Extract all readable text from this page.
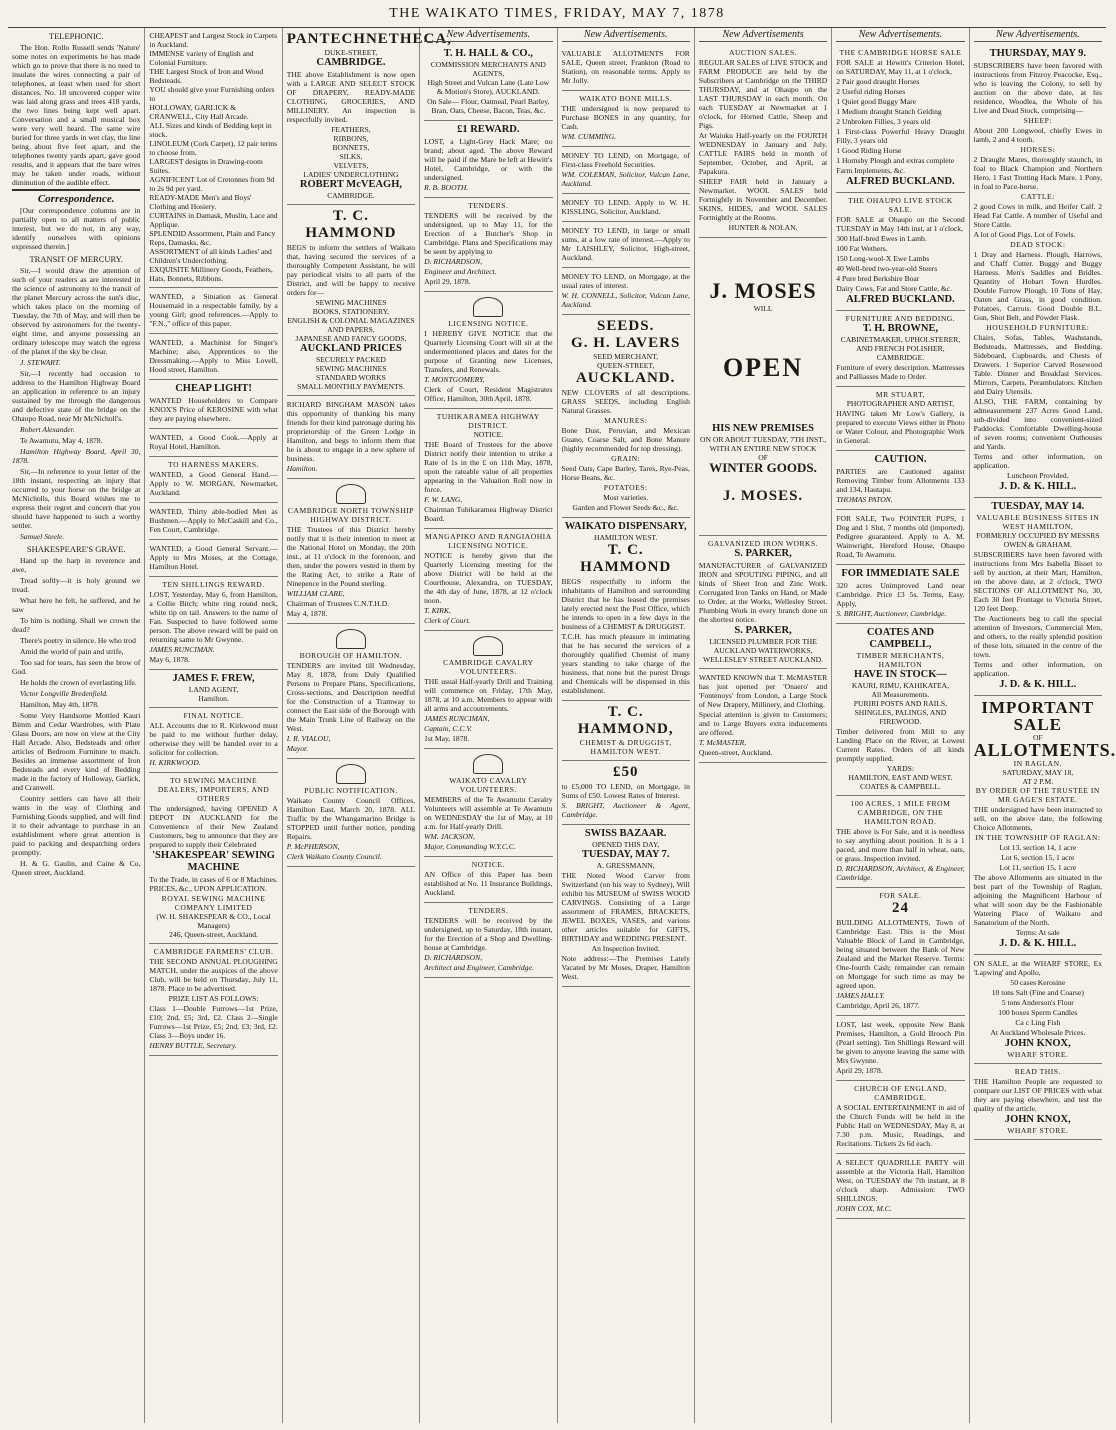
THE WAIKATO TIMES, FRIDAY, MAY 7, 1878

TELEPHONIC.

The Hon. Rollo Russell sends 'Nature' some notes on experiments he has made which go to prove that there is no need to insulate the wires connecting a pair of telephones, at least when used for short distances. No. 18 uncovered copper wire was laid along grass and trees 418 yards, the two lines being kept well apart. Conversation and a small musical box were very well heard. The same wire buried for three yards in wet clay, the line being about five feet apart, and the telephones twenty yards apart, gave good results, and it appears that the bare wires may be taken under roads, without diminution of the audible effect.

Correspondence.

[Our correspondence columns are in partially open to all matters of public interest, but we do not, in any way, identify ourselves with opinions expressed therein.]

TRANSIT OF MERCURY.

Sir,—I would draw the attention of such of your readers as are interested in the science of astronomy to the transit of the planet Mercury across the sun's disc, which takes place on the morning of Tuesday, the 7th of May, and will then be observed by astronomers for the twenty-eight time, and anyone possessing an ordinary telescope may watch the egress of the planet if the sky be clear.

J. STEWART.

Sir,—I recently had occasion to address to the Hamilton Highway Board an application in reference to an injury sustained by me through the dangerous and defective state of the bridge on the Ohaupo Road, near Mr McNicholl's.

Robert Alexander.

Te Awamutu, May 4, 1878.

Hamilton Highway Board, April 30, 1878.

Sir,—In reference to your letter of the 18th instant, respecting an injury that occurred to your horse on the bridge at McNicholls, this Board wishes me to express their regret and concern that you should have happened to such a worthy settler.

Samuel Steele.

SHAKESPEARE'S GRAVE.

Hand up the harp in reverence and awe,

Tread softly—it is holy ground we tread.

What here he felt, he suffered, and he saw

To him is nothing. Shall we crown the dead?

There's poetry in silence. He who trod

Amid the world of pain and strife,

Too sad for tears, has seen the brow of God.

He holds the crown of everlasting life.

Victor Longville Bredenfield.

Hamilton, May 4th, 1878.

Some Very Handsome Mottled Kauri Bimm and Cedar Wardrobes, with Plate Glass Doors, are now on view at the City Hall Arcade. Also, Bedsteads and other articles of Bedroom Furniture to match. Besides an immense assortment of Iron Bedsteads and every kind of Bedding made in the factory of Holloway, Garlick, and Cranwell.

Country settlers can have all their wants in the way of Clothing and Furnishing Goods supplied, and will find it to their advantage to purchase in an establishment where great attention is paid to packing and despatching orders promptly.

H. & G. Gaulin, and Caine & Co, Queen street, Auckland.

CHEAPEST and Largest Stock in Carpets in Auckland.

IMMENSE variety of English and Colonial Furniture.

THE Largest Stock of Iron and Wood Bedsteads.

YOU should give your Furnishing orders to

HOLLOWAY, GARLICK & CRANWELL, City Hall Arcade.

ALL Sizes and kinds of Bedding kept in stock.

LINOLEUM (Cork Carpet), 12 pair terms to choose from.

LARGEST designs in Drawing-room Suites.

AGNIFICENT Lot of Cretonnes from 9d to 2s 9d per yard.

READY-MADE Men's and Boys' Clothing and Hosiery.

CURTAINS in Damask, Muslin, Lace and Applique.

SPLENDID Assortment, Plain and Fancy Reps, Damasks, &c.

ASSORTMENT of all kinds Ladies' and Children's Underclothing.

EXQUISITE Millinery Goods, Feathers, Hats, Bonnets, Ribbons.

WANTED, a Situation as General Housemaid in a respectable family, by a young Girl; good references.—Apply to "F.N.," office of this paper.

WANTED, a Machinist for Singer's Machine; also, Apprentices to the Dressmaking.—Apply to Miss Lovell, Hood street, Hamilton.

CHEAP LIGHT!

WANTED Householders to Compare KNOX'S Price of KEROSINE with what they are paying elsewhere.

WANTED, a Good Cook.—Apply at Royal Hotel, Hamilton.

TO HARNESS MAKERS.

WANTED, a Good General Hand.—Apply to W. MORGAN, Newmarket, Auckland.

WANTED, Thirty able-bodied Men as Bushmen.—Apply to McCaskill and Co., Fen Court, Cambridge.

WANTED, a Good General Servant.—Apply to Mrs Moses, at the Cottage, Hamilton Hotel.

TEN SHILLINGS REWARD.

LOST, Yesterday, May 6, from Hamilton, a Collie Bitch; white ring round neck, white tip on tail. Answers to the name of Fan. Suspected to have followed some person. The above reward will be paid on returning same to Mr Gwynne.

JAMES RUNCIMAN.

May 6, 1878.

JAMES F. FREW,
LAND AGENT,
Hamilton.
FINAL NOTICE.

ALL Accounts due to R. Kirkwood must be paid to me without further delay, otherwise they will be handed over to a solicitor for collection.

H. KIRKWOOD.

TO SEWING MACHINE DEALERS, IMPORTERS, AND OTHERS

The undersigned, having OPENED A DEPOT IN AUCKLAND for the Convenience of their New Zealand Customers, beg to announce that they are prepared to supply their Celebrated

'SHAKESPEAR' SEWING MACHINE

To the Trade, in cases of 6 or 8 Machines. PRICES, &c., UPON APPLICATION.

ROYAL SEWING MACHINE COMPANY LIMITED
(W. H. SHAKESPEAR & CO., Local Managers)
246, Queen-street, Auckland.
CAMBRIDGE FARMERS' CLUB.

THE SECOND ANNUAL PLOUGHING MATCH, under the auspices of the above Club, will be held on Thursday, July 11, 1878. Place to be advertised.

PRIZE LIST AS FOLLOWS:

Class 1—Double Furrows—1st Prize, £10; 2nd, £5; 3rd, £2. Class 2—Single Furrows—1st Prize, £5; 2nd, £3; 3rd, £2. Class 3—Boys under 16.

HENRY BUTTLE, Secretary.

PANTECHNETHECA,
DUKE-STREET,
CAMBRIDGE.

THE above Establishment is now open with a LARGE AND SELECT STOCK OF DRAPERY, READY-MADE CLOTHING, GROCERIES, AND MILLINERY. An inspection is respectfully invited.

FEATHERS,
RIBBONS,
BONNETS,
SILKS,
VELVETS,
LADIES' UNDERCLOTHING
ROBERT McVEAGH,
CAMBRIDGE.
T. C. HAMMOND

BEGS to inform the settlers of Waikato that, having secured the services of a thoroughly Competent Assistant, he will pay periodical visits to all parts of the District, and will be happy to receive orders for—

SEWING MACHINES
BOOKS, STATIONERY,
ENGLISH & COLONIAL MAGAZINES AND PAPERS,
JAPANESE AND FANCY GOODS,
AUCKLAND PRICES
SECURELY PACKED
SEWING MACHINES
STANDARD WORKS
SMALL MONTHLY PAYMENTS.

RICHARD BINGHAM MASON takes this opportunity of thanking his many friends for their kind patronage during his proprietorship of the Green Lodge in Hamilton, and begs to inform them that he is about to engage in a new sphere of business.

Hamilton.

CAMBRIDGE NORTH TOWNSHIP HIGHWAY DISTRICT.

THE Trustees of this District hereby notify that it is their intention to meet at the National Hotel on Monday, the 20th inst., at 11 o'clock in the forenoon, and then, under the powers vested in them by the Rating Act, to strike a Rate of Ninepence in the Pound sterling.

WILLIAM CLARE,

Chairman of Trustees C.N.T.H.D.

May 4, 1878.

BOROUGH OF HAMILTON.

TENDERS are invited till Wednesday, May 8, 1878, from Duly Qualified Persons to Prepare Plans, Specifications, Cross-sections, and Description needful for the Construction of a Tramway to connect the East side of the Borough with the Main Trunk Line of Railway on the West.

I. R. VIALOU,

Mayor.

PUBLIC NOTIFICATION.

Waikato County Council Offices, Hamilton East, March 20, 1878. ALL Traffic by the Whangamarino Bridge is STOPPED until further notice, pending Repairs.

P. McPHERSON,

Clerk Waikato County Council.

New Advertisements.
T. H. HALL & CO.,
COMMISSION MERCHANTS AND AGENTS,
High Street and Vulcan Lane (Late Low & Motion's Store), AUCKLAND.

On Sale— Flour, Oatmeal, Pearl Barley, Bran, Oats, Cheese, Bacon, Teas, &c.

£1 REWARD.

LOST, a Light-Grey Hack Mare; no brand; about aged. The above Reward will be paid if the Mare be left at Hewitt's Hotel, Cambridge, or with the undersigned.

R. B. BOOTH.

TENDERS.

TENDERS will be received by the undersigned, up to May 11, for the Erection of a Butcher's Shop in Cambridge. Plans and Specifications may be seen by applying to

D. RICHARDSON,

Engineer and Architect.

April 29, 1878.

LICENSING NOTICE.

I HEREBY GIVE NOTICE that the Quarterly Licensing Court will sit at the undermentioned places and dates for the purpose of Granting new Licenses, Transfers, and Renewals.

T. MONTGOMERY,

Clerk of Court, Resident Magistrates Office, Hamilton, 30th April, 1878.

TUHIKARAMEA HIGHWAY DISTRICT.
NOTICE.

THE Board of Trustees for the above District notify their intention to strike a Rate of 1s in the £ on 11th May, 1878, upon the rateable value of all properties appearing in the Valuation Roll now in force.

F. W. LANG,

Chairman Tuhikaramea Highway District Board.

MANGAPIKO AND RANGIAOHIA LICENSING NOTICE.

NOTICE is hereby given that the Quarterly Licensing meeting for the above District will be held at the Courthouse, Alexandra, on TUESDAY, the 4th day of June, 1878, at 12 o'clock noon.

T. KIRK,

Clerk of Court.

CAMBRIDGE CAVALRY VOLUNTEERS.

THE usual Half-yearly Drill and Training will commence on Friday, 17th May, 1878, at 10 a.m. Members to appear with all arms and accoutrements.

JAMES RUNCIMAN,

Captain, C.C.V.

1st May, 1878.

WAIKATO CAVALRY VOLUNTEERS.

MEMBERS of the Te Awamutu Cavalry Volunteers will assemble at Te Awamutu on WEDNESDAY the 1st of May, at 10 a.m. for Half-yearly Drill.

WM. JACKSON,

Major, Commanding W.Y.C.C.

NOTICE.

AN Office of this Paper has been established at No. 11 Insurance Buildings, Auckland.

TENDERS.

TENDERS will be received by the undersigned, up to Saturday, 18th instant, for the Erection of a Shop and Dwelling-house at Cambridge.

D. RICHARDSON,

Architect and Engineer, Cambridge.

New Advertisements.

VALUABLE ALLOTMENTS FOR SALE, Queen street, Frankton (Road to Station), on reasonable terms. Apply to Mr Jolly.

WAIKATO BONE MILLS.

THE undersigned is now prepared to Purchase BONES in any quantity, for Cash.

WM. CUMMING.

MONEY TO LEND, on Mortgage, of First-class Freehold Securities.

WM. COLEMAN, Solicitor, Vulcan Lane, Auckland.

MONEY TO LEND. Apply to W. H. KISSLING, Solicitor, Auckland.

MONEY TO LEND, in large or small sums, at a low rate of interest.—Apply to Mr LAISHLEY, Solicitor, High-street, Auckland.

MONEY TO LEND, on Mortgage, at the usual rates of interest.

W. H. CONNELL, Solicitor, Vulcan Lane, Auckland.

SEEDS.
G. H. LAVERS
SEED MERCHANT,
QUEEN-STREET,
AUCKLAND.

NEW CLOVERS of all descriptions. GRASS SEEDS, including English Natural Grasses.

MANURES:

Bone Dust, Peruvian, and Mexican Guano, Coarse Salt, and Bone Manure (highly recommended for top dressing).

GRAIN:

Seed Oats, Cape Barley, Tares, Rye-Peas, Horse Beans, &c.

POTATOES:

Most varieties.

Garden and Flower Seeds &c., &c.

WAIKATO DISPENSARY,
HAMILTON WEST.
T. C. HAMMOND

BEGS respectfully to inform the inhabitants of Hamilton and surrounding District that he has leased the premises lately erected next the Post Office, which he intends to open in a few days in the business of a CHEMIST & DRUGGIST.

T.C.H. has much pleasure in intimating that he has secured the services of a thoroughly qualified Chemist of many years standing to take charge of the business, that none but the purest Drugs and Chemicals will be dispensed in this establishment.

T. C. HAMMOND,
CHEMIST & DRUGGIST,
HAMILTON WEST.
£50

to £5,000 TO LEND, on Mortgage, in Sums of £50. Lowest Rates of Interest.

S. BRIGHT, Auctioneer & Agent, Cambridge.

SWISS BAZAAR.
OPENED THIS DAY,
TUESDAY, MAY 7.
A. GRESSMANN,

THE Noted Wood Carver from Switzerland (on his way to Sydney), Will exhibit his MUSEUM of SWISS WOOD CARVINGS. Consisting of a Large assortment of FRAMES, BRACKETS, JEWEL BOXES, VASES, and various other articles suitable for GIFTS, BIRTHDAY and WEDDING PRESENT.

An Inspection Invited.

Note address:—The Premises Lately Vacated by Mr Moses, Draper, Hamilton West.

New Advertisements
AUCTION SALES.

REGULAR SALES of LIVE STOCK and FARM PRODUCE are held by the Subscribers at Cambridge on the THIRD THURSDAY, and at Ohaupo on the LAST THURSDAY in each month. On each TUESDAY at Newmarket at 1 o'clock, for Horned Cattle, Sheep and Pigs.

At Waiuku Half-yearly on the FOURTH WEDNESDAY in January and July. CATTLE FAIRS held in month of September, October, and April, at Papakura.

SHEEP FAIR held in January a Newmarket. WOOL SALES held Fortnightly in November and December. SKINS, HIDES, and WOOL SALES Fortnightly at the Rooms.

HUNTER & NOLAN.

J. MOSES
WILL
OPEN
HIS NEW PREMISES
ON OR ABOUT TUESDAY, 7TH INST.,
WITH AN ENTIRE NEW STOCK
OF
WINTER GOODS.
J. MOSES.
GALVANIZED IRON WORKS.
S. PARKER,

MANUFACTURER of GALVANIZED IRON and SPOUTING PIPING, and all kinds of Sheet Iron and Zinc Work. Corrugated Iron Tanks on Hand, or Made to Order, at the Works, Wellesley Street. Plumbing Work in every branch done on the shortest notice.

S. PARKER,
LICENSED PLUMBER FOR THE AUCKLAND WATERWORKS,
WELLESLEY STREET AUCKLAND.

WANTED KNOWN that T. McMASTER has just opened per 'Onaero' and 'Fontenoys' from London, a Large Stock of New Drapery, Millinery, and Clothing.

Special attention is given to Customers; and to Large Buyers extra inducements are offered.

T. McMASTER,

Queen-street, Auckland.

New Advertisements.
THE CAMBRIDGE HORSE SALE

FOR SALE at Hewitt's Criterion Hotel, on SATURDAY, May 11, at 1 o'clock,

2 Pair good draught Horses

2 Useful riding Horses

1 Quiet good Buggy Mare

1 Medium draught Stanch Gelding

2 Unbroken Fillies, 3 years old

1 First-class Powerful Heavy Draught Filly, 3 years old

1 Good Riding Horse

1 Hornsby Plough and extras complete

Farm Implements, &c.

ALFRED BUCKLAND.
THE OHAUPO LIVE STOCK SALE.

FOR SALE at Ohaupo on the Second TUESDAY in May 14th inst, at 1 o'clock,

300 Half-bred Ewes in Lamb.

100 Fat Wethers.

150 Long-wool-X Ewe Lambs

40 Well-bred two-year-old Steers

4 Pure bred Berkshire Boar

Dairy Cows, Fat and Store Cattle, &c.

ALFRED BUCKLAND.
FURNITURE AND BEDDING.
T. H. BROWNE,
CABINETMAKER, UPHOLSTERER, AND FRENCH POLISHER,
CAMBRIDGE.

Furniture of every description. Mattresses and Palliasses Made to Order.

MR STUART,
PHOTOGRAPHER AND ARTIST,

HAVING taken Mr Low's Gallery, is prepared to execute Views either in Photo or Water Colour, and Photographic Work in General.

CAUTION.

PARTIES are Cautioned against Removing Timber from Allotments 133 and 134, Hautapu.

THOMAS PATON.

FOR SALE, Two POINTER PUPS, 1 Dog and 1 Slut, 7 months old (imported). Pedigree guaranteed. Apply to A. M. Wainwright, Hereford House, Ohaupo Road, Te Awamutu.

FOR IMMEDIATE SALE

320 acres Unimproved Land near Cambridge. Price £3 5s. Terms, Easy. Apply,

S. BRIGHT, Auctioneer, Cambridge.

COATES AND CAMPBELL,
TIMBER MERCHANTS,
HAMILTON
HAVE IN STOCK—
KAURI, RIMU, KAHIKATEA,
All Measurements.
PURIRI POSTS AND RAILS, SHINGLES, PALINGS, AND FIREWOOD.

Timber delivered from Mill to any Landing Place on the River, at Lowest Current Rates. Orders of all kinds promptly supplied.

YARDS:
HAMILTON, EAST AND WEST.
COATES & CAMPBELL.
100 ACRES, 1 MILE FROM CAMBRIDGE, ON THE HAMILTON ROAD.

THE above is For Sale, and it is needless to say anything about position. It is a 1 paced, and more than half in wheat, oats, or grass. Inspection invited.

D. RICHARDSON, Architect, & Engineer, Cambridge.

FOR SALE.
24

BUILDING ALLOTMENTS, Town of Cambridge East. This is the Most Valuable Block of Land in Cambridge, being situated between the Bank of New Zealand and the Market Reserve. Terms: One-fourth Cash; remainder can remain on Mortgage for such time as may be agreed upon.

JAMES HALLY.

Cambridge, April 26, 1877.

LOST, last week, opposite New Bank Premises, Hamilton, a Gold Brooch Pin (Pearl setting). Ten Shillings Reward will be given to anyone leaving the same with Mrs Gwynne.

April 29, 1878.

CHURCH OF ENGLAND, CAMBRIDGE.

A SOCIAL ENTERTAINMENT in aid of the Church Funds will be held in the Public Hall on WEDNESDAY, May 8, at 7.30 p.m. Music, Readings, and Recitations. Tickets 2s 6d each.

A SELECT QUADRILLE PARTY will assemble at the Victoria Hall, Hamilton West, on TUESDAY the 7th instant, at 8 o'clock sharp. Admission: TWO SHILLINGS.

JOHN COX, M.C.

New Advertisements.
THURSDAY, MAY 9.

SUBSCRIBERS have been favored with instructions from Fitzroy Peacocke, Esq., who is leaving the Colony, to sell by auction on the above date, at his residence, Woodlea, the Whole of his Live and Dead Stock, comprising—

SHEEP:

About 200 Longwool, chiefly Ewes in lamb, 2 and 4 tooth.

HORSES:

2 Draught Mares, thoroughly staunch, in foal to Black Champion and Northern Hero. 1 Fast Trotting Hack Mare. 1 Pony, in foal to Pace-horse.

CATTLE:

2 good Cows in milk, and Heifer Calf. 2 Head Fat Cattle. A number of Useful and Store Cattle.

A lot of Good Pigs. Lot of Fowls.

DEAD STOCK:

1 Dray and Harness. Plough, Harrows, and Chaff Cutter. Buggy and Buggy Harness. Men's Saddles and Bridles. Quantity of Hobart Town Hurdles. Double Furrow Plough. 10 Tons of Hay, Oaten and Grass, in good condition. Potatoes, Carrots. Good Double B.L. Gun, Shot Belt, and Powder Flask.

HOUSEHOLD FURNITURE:

Chairs, Sofas, Tables, Washstands, Bedsteads, Mattresses, and Bedding. Sideboard, Cupboards, and Chests of Drawers. 1 Superior Carved Rosewood Table. Dinner and Breakfast Services. Mirrors, Carpets, Perambulators. Kitchen and Dairy Utensils.

ALSO, THE FARM, containing by admeasurement 237 Acres Good Land, sub-divided into convenient-sized Paddocks. Comfortable Dwelling-house of seven rooms; convenient Outhouses and Yards.

Terms and other information, on application.

Luncheon Provided.

J. D. & K. HILL.
TUESDAY, MAY 14.
VALUABLE BUSINESS SITES IN WEST HAMILTON,
FORMERLY OCCUPIED BY MESSRS OWEN & GRAHAM.

SUBSCRIBERS have been favored with instructions from Mrs Isabella Bisset to sell by auction, at their Mart, Hamilton, on the above date, at 2 o'clock, TWO SECTIONS OF ALLOTMENT No. 30, Each 30 feet Frontage to Victoria Street, 120 feet Deep.

The Auctioneers beg to call the special attention of Investors, Commercial Men, and others, to the really splendid position of these lots, situated in the centre of the town.

Terms and other information, on application.

J. D. & K. HILL.
IMPORTANT SALE
OF
ALLOTMENTS.
IN RAGLAN.
SATURDAY, MAY 18,
AT 2 P.M.
BY ORDER OF THE TRUSTEE IN MR GAGE'S ESTATE.

THE undersigned have been instructed to sell, on the above date, the following Choice Allotments,

IN THE TOWNSHIP OF RAGLAN:

Lot 13, section 14, 1 acre

Lot 6, section 15, 1 acre

Lot 11, section 15, 1 acre

The above Allotments are situated in the best part of the Township of Raglan, adjoining the Magnificent Harbour of what will soon day be the Fashionable Watering Place of Waikato and Sanatorium of the North.

Terms: At sale

J. D. & K. HILL.

ON SALE, at the WHARF STORE, Ex 'Lapwing' and Apollo,

50 cases Kerosine

10 tons Salt (Fine and Coarse)

5 tons Anderson's Flour

100 boxes Sperm Candles

Ca c Ling Fish

At Auckland Wholesale Prices.

JOHN KNOX,
WHARF STORE.
READ THIS.

THE Hamilton People are requested to compare our LIST OF PRICES with what they are paying elsewhere, and test the quality of the article.

JOHN KNOX,
WHARF STORE.
